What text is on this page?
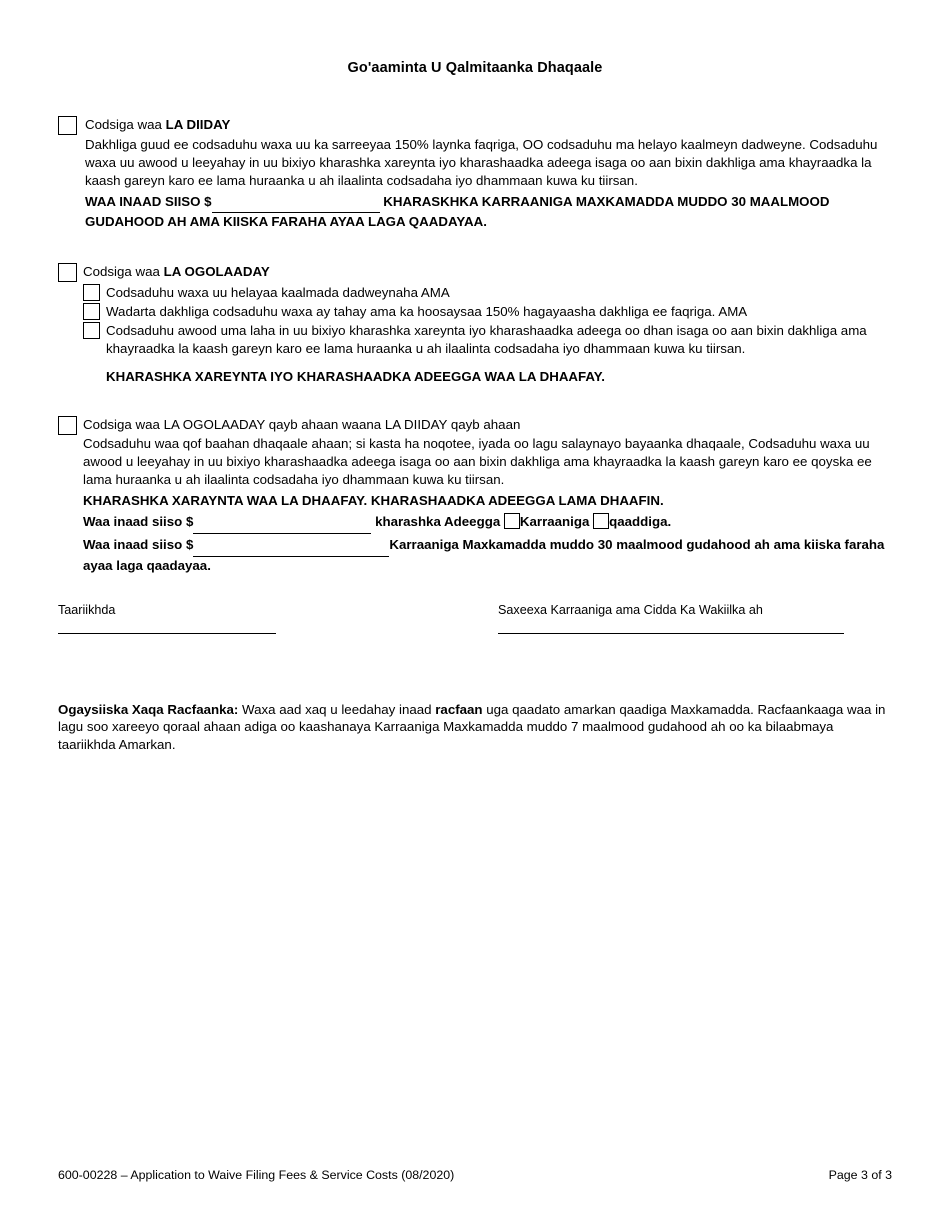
Go'aaminta U Qalmitaanka Dhaqaale
Codsiga waa LA DIIDAY
Dakhliga guud ee codsaduhu waxa uu ka sarreeyaa 150% laynka faqriga, OO codsaduhu ma helayo kaalmeyn dadweyne. Codsaduhu waxa uu awood u leeyahay in uu bixiyo kharashka xareynta iyo kharashaadka adeega isaga oo aan bixin dakhliga ama khayraadka la kaash gareyn karo ee lama huraanka u ah ilaalinta codsadaha iyo dhammaan kuwa ku tiirsan.
WAA INAAD SIISO $	KHARASKHKA KARRAANIGA MAXKAMADDA MUDDO 30 MAALMOOD GUDAHOOD AH AMA KIISKA FARAHA AYAA LAGA QAADAYAA.
Codsiga waa LA OGOLAADAY
Codsaduhu waxa uu helayaa kaalmada dadweynaha AMA
Wadarta dakhliga codsaduhu waxa ay tahay ama ka hoosaysaa 150% hagayaasha dakhliga ee faqriga. AMA
Codsaduhu awood uma laha in uu bixiyo kharashka xareynta iyo kharashaadka adeega oo dhan isaga oo aan bixin dakhliga ama khayraadka la kaash gareyn karo ee lama huraanka u ah ilaalinta codsadaha iyo dhammaan kuwa ku tiirsan.
KHARASHKA XAREYNTA IYO KHARASHAADKA ADEEGGA WAA LA DHAAFAY.
Codsiga waa LA OGOLAADAY qayb ahaan waana LA DIIDAY qayb ahaan
Codsaduhu waa qof baahan dhaqaale ahaan; si kasta ha noqotee, iyada oo lagu salaynayo bayaanka dhaqaale, Codsaduhu waxa uu awood u leeyahay in uu bixiyo kharashaadka adeega isaga oo aan bixin dakhliga ama khayraadka la kaash gareyn karo ee qoyska ee lama huraanka u ah ilaalinta codsadaha iyo dhammaan kuwa ku tiirsan.
KHARASHKA XARAYNTA WAA LA DHAAFAY. KHARASHAADKA ADEEGGA LAMA DHAAFIN.
Waa inaad siiso $	kharashka Adeegga Karraaniga qaaddiga.
Waa inaad siiso $	Karraaniga Maxkamadda muddo 30 maalmood gudahood ah ama kiiska faraha ayaa laga qaadayaa.
Taariikhda	Saxeexa Karraaniga ama Cidda Ka Wakiilka ah
Ogaysiiska Xaqa Racfaanka: Waxa aad xaq u leedahay inaad racfaan uga qaadato amarkan qaadiga Maxkamadda. Racfaankaaga waa in lagu soo xareeyo qoraal ahaan adiga oo kaashanaya Karraaniga Maxkamadda muddo 7 maalmood gudahood ah oo ka bilaabmaya taariikhda Amarkan.
600-00228 – Application to Waive Filing Fees & Service Costs (08/2020)	Page 3 of 3
